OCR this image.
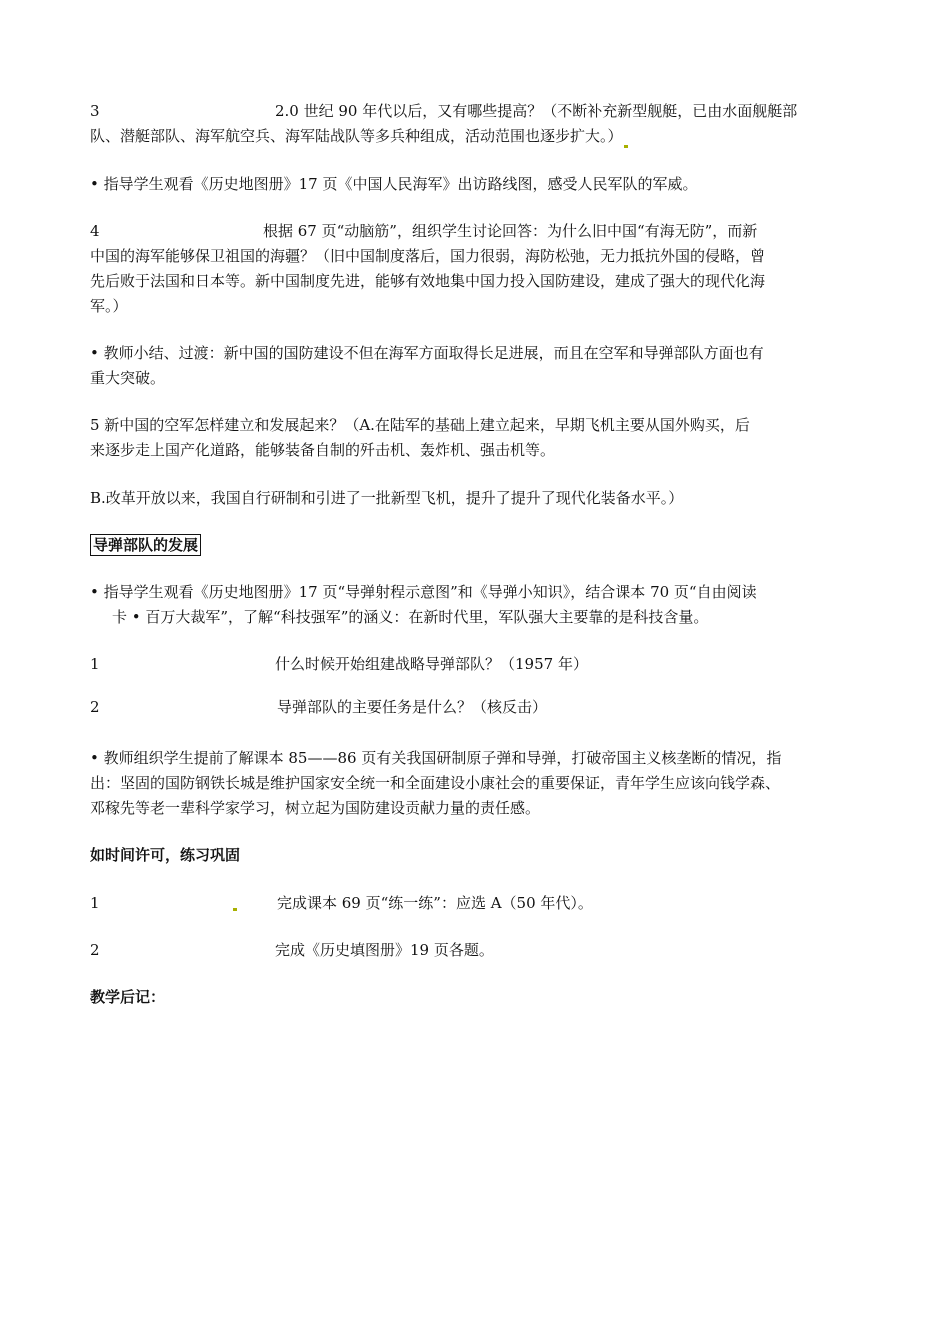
3	2.0 世纪 90 年代以后，又有哪些提高？（不断补充新型舰艇，已由水面舰艇部
队、潜艇部队、海军航空兵、海军陆战队等多兵种组成，活动范围也逐步扩大。）
• 指导学生观看《历史地图册》17 页《中国人民海军》出访路线图，感受人民军队的军威。
4	根据 67 页“动脑筋”，组织学生讨论回答：为什么旧中国“有海无防”，而新
中国的海军能够保卫祖国的海疆？（旧中国制度落后，国力很弱，海防松弛，无力抵抗外国的侵略，曾
先后败于法国和日本等。新中国制度先进，能够有效地集中国力投入国防建设，建成了强大的现代化海
军。）
• 教师小结、过渡：新中国的国防建设不但在海军方面取得长足进展，而且在空军和导弹部队方面也有
重大突破。
5 新中国的空军怎样建立和发展起来？（A.在陆军的基础上建立起来，早期飞机主要从国外购买，后
来逐步走上国产化道路，能够装备自制的歼击机、轰炸机、强击机等。
B.改革开放以来，我国自行研制和引进了一批新型飞机，提升了提升了现代化装备水平。）
导弹部队的发展
• 指导学生观看《历史地图册》17 页“导弹射程示意图”和《导弹小知识》，结合课本 70 页“自由阅读
卡 • 百万大裁军”，了解“科技强军”的涵义：在新时代里，军队强大主要靠的是科技含量。
1	什么时候开始组建战略导弹部队？（1957 年）
2	导弹部队的主要任务是什么？（核反击）
• 教师组织学生提前了解课本 85——86 页有关我国研制原子弹和导弹，打破帝国主义核垄断的情况，指
出：坚固的国防钢铁长城是维护国家安全统一和全面建设小康社会的重要保证，青年学生应该向钱学森、
邓稼先等老一辈科学家学习，树立起为国防建设贡献力量的责任感。
如时间许可，练习巩固
1	完成课本 69 页“练一练”：应选 A（50 年代）。
2	完成《历史填图册》19 页各题。
教学后记：
